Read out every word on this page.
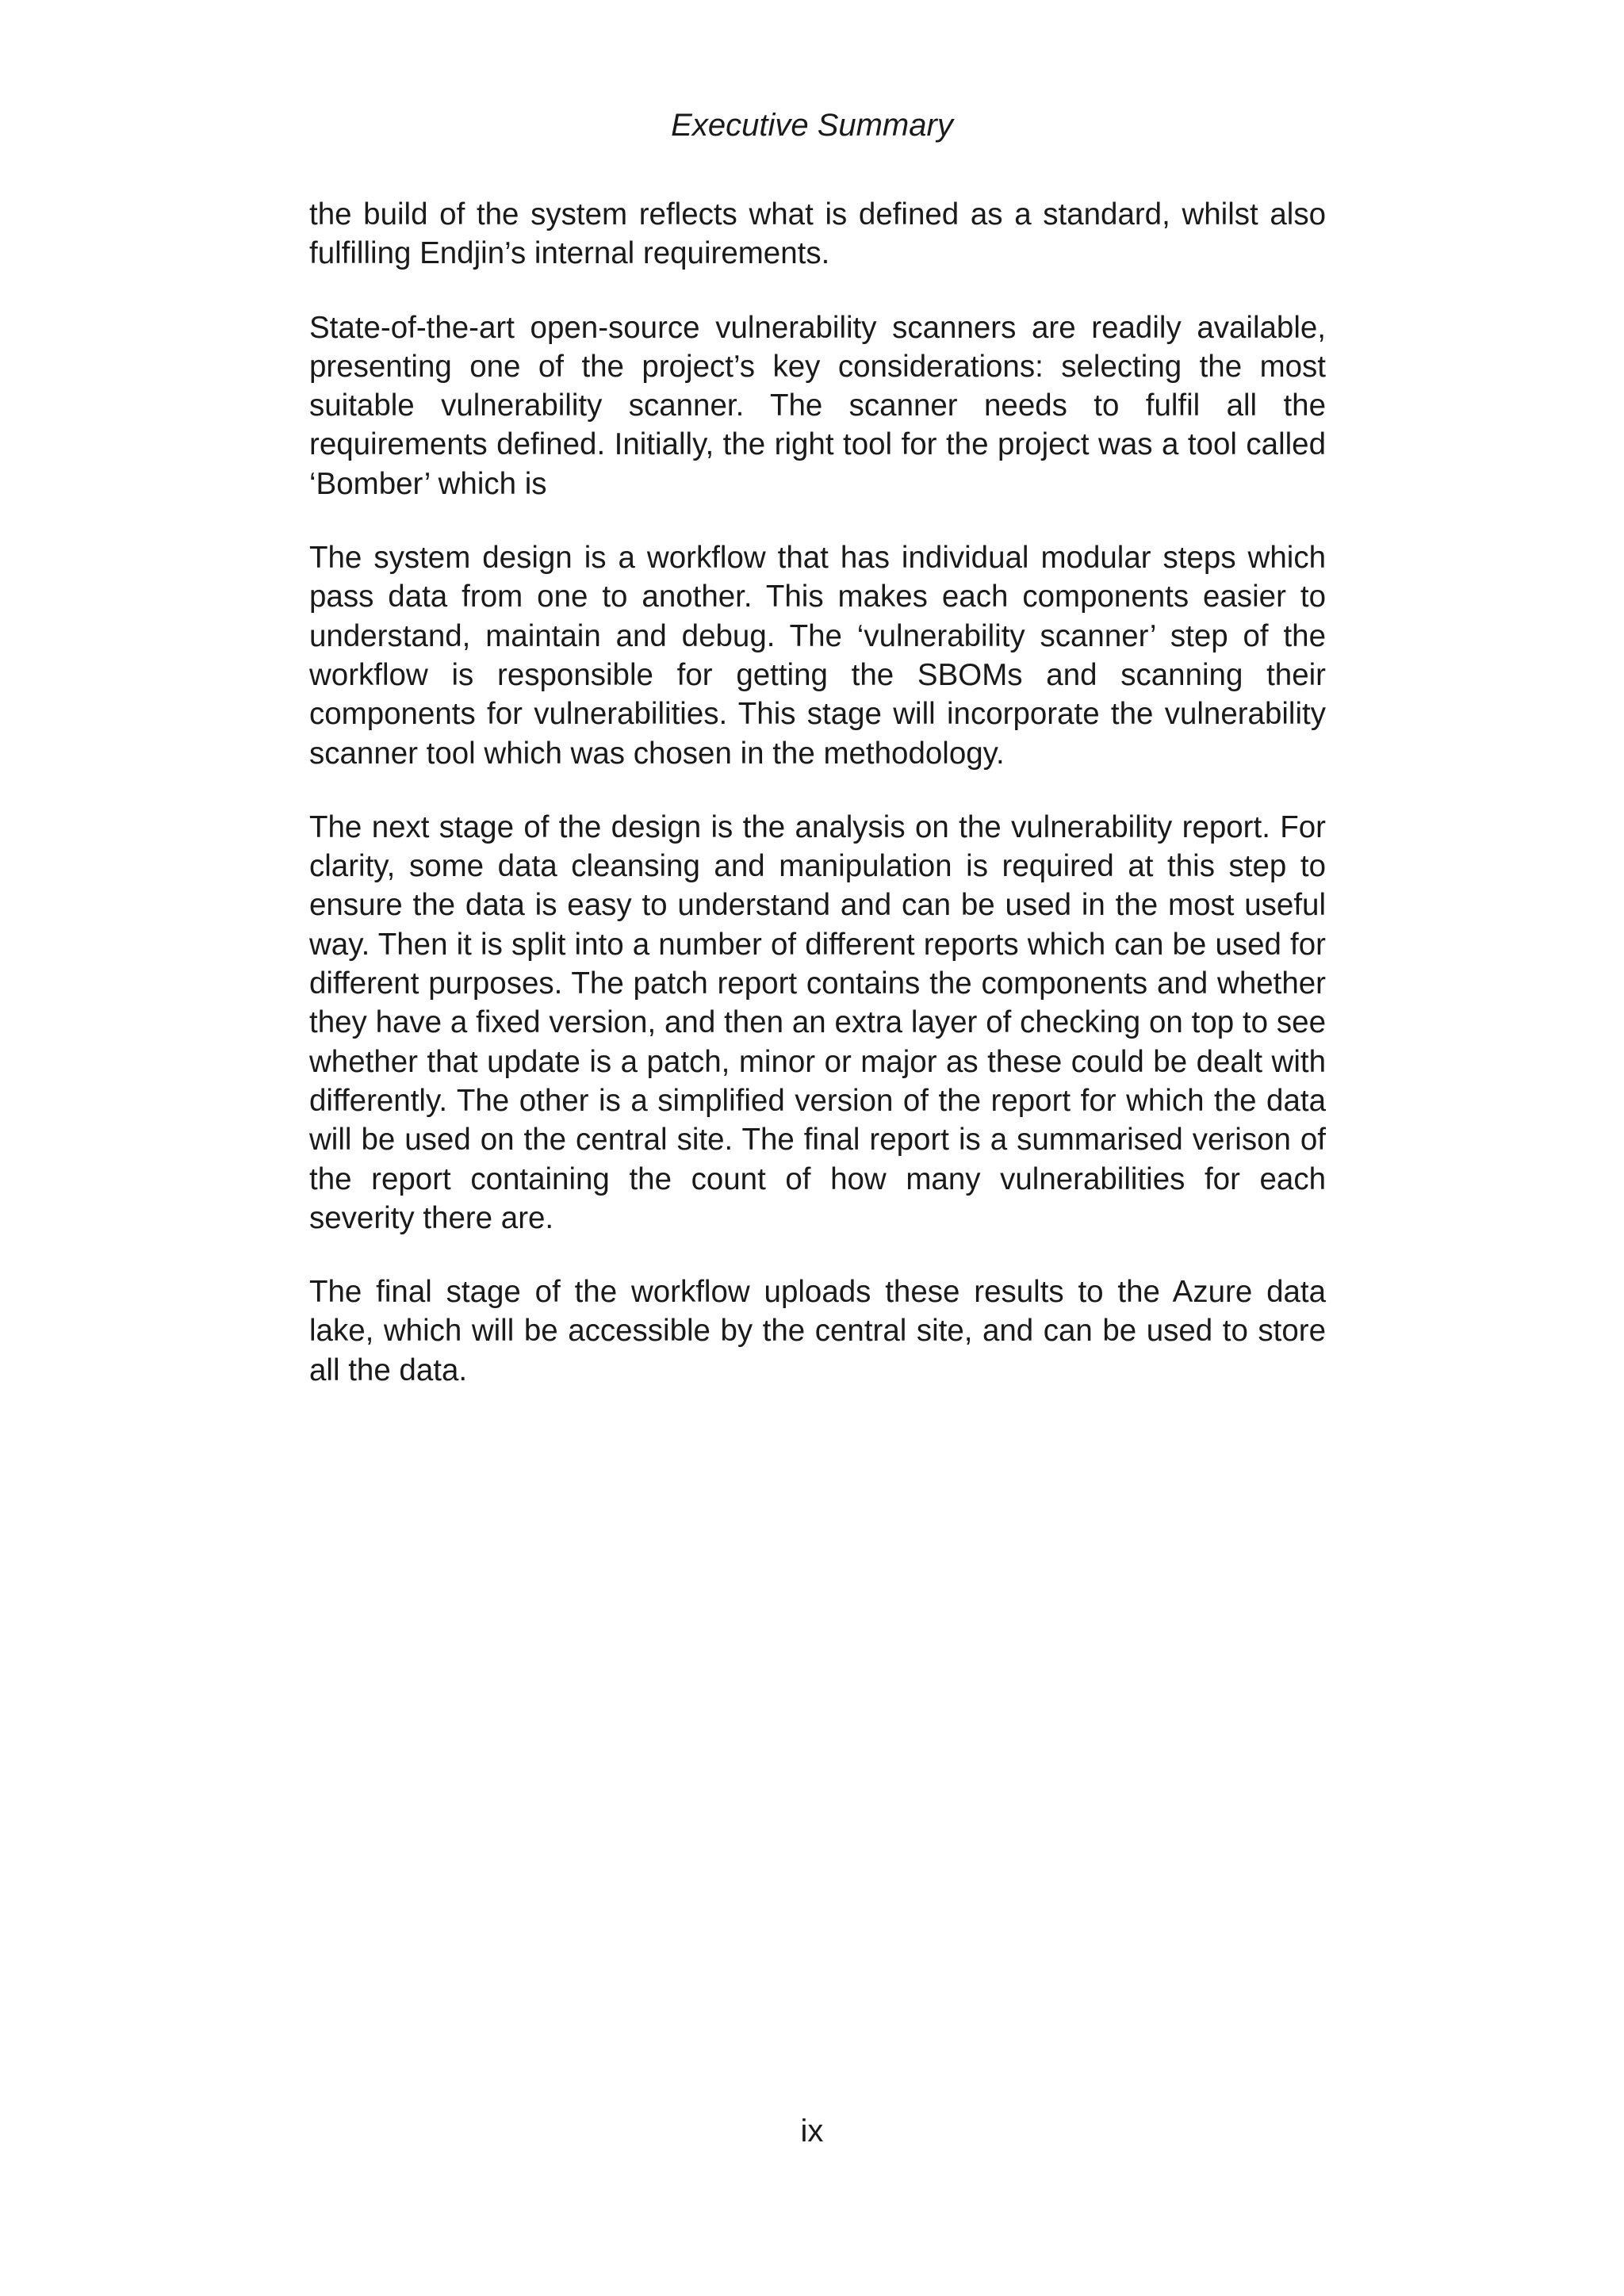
Executive Summary

the build of the system reflects what is defined as a standard, whilst also fulfilling Endjin’s internal requirements.

State-of-the-art open-source vulnerability scanners are readily available, presenting one of the project’s key considerations: selecting the most suitable vulnerability scanner. The scanner needs to fulfil all the requirements defined. Initially, the right tool for the project was a tool called ‘Bomber’ which is

The system design is a workflow that has individual modular steps which pass data from one to another. This makes each components easier to understand, maintain and debug. The ‘vulnerability scanner’ step of the workflow is responsible for getting the SBOMs and scanning their components for vulnerabilities. This stage will incorporate the vulnerability scanner tool which was chosen in the methodology.

The next stage of the design is the analysis on the vulnerability report. For clarity, some data cleansing and manipulation is required at this step to ensure the data is easy to understand and can be used in the most useful way. Then it is split into a number of different reports which can be used for different purposes. The patch report contains the components and whether they have a fixed version, and then an extra layer of checking on top to see whether that update is a patch, minor or major as these could be dealt with differently. The other is a simplified version of the report for which the data will be used on the central site. The final report is a summarised verison of the report containing the count of how many vulnerabilities for each severity there are.

The final stage of the workflow uploads these results to the Azure data lake, which will be accessible by the central site, and can be used to store all the data.

ix
